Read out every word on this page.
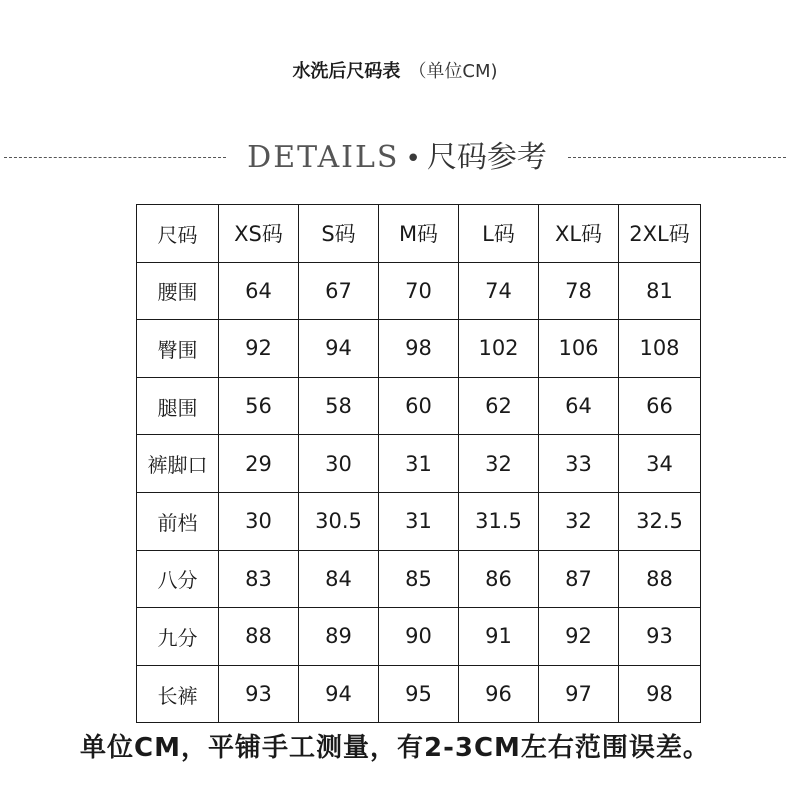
水洗后尺码表 （单位CM)
DETAILS • 尺码参考
尺码	XS码	S码	M码	L码	XL码	2XL码
腰围	64	67	70	74	78	81
臀围	92	94	98	102	106	108
腿围	56	58	60	62	64	66
裤脚口	29	30	31	32	33	34
前档	30	30.5	31	31.5	32	32.5
八分	83	84	85	86	87	88
九分	88	89	90	91	92	93
长裤	93	94	95	96	97	98
单位CM，平铺手工测量，有2-3CM左右范围误差。
